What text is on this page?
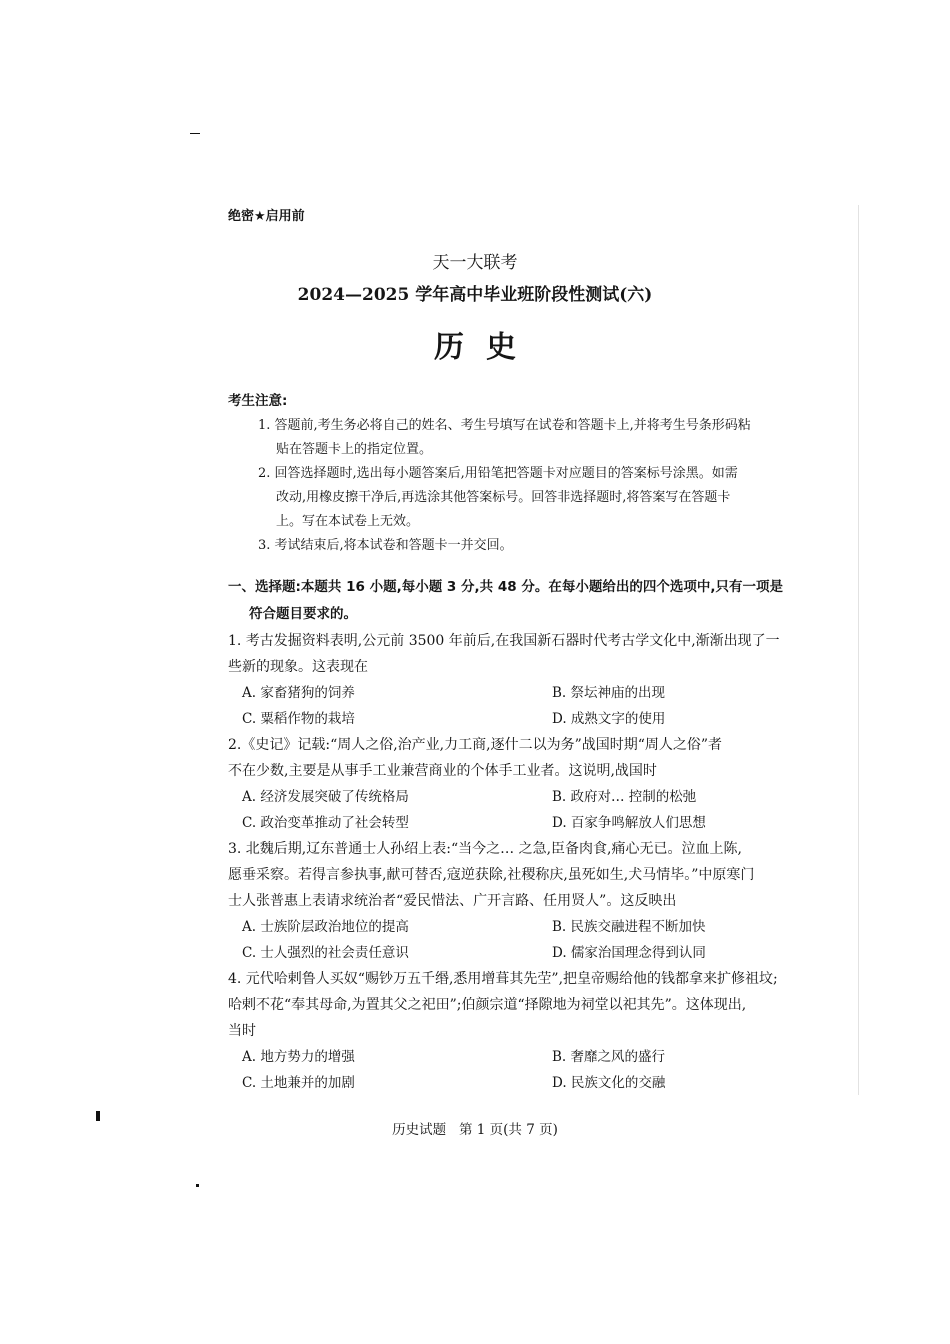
绝密★启用前
天一大联考
2024—2025 学年高中毕业班阶段性测试(六)
历史
考生注意:
1. 答题前,考生务必将自己的姓名、考生号填写在试卷和答题卡上,并将考生号条形码粘
贴在答题卡上的指定位置。
2. 回答选择题时,选出每小题答案后,用铅笔把答题卡对应题目的答案标号涂黑。如需
改动,用橡皮擦干净后,再选涂其他答案标号。回答非选择题时,将答案写在答题卡
上。写在本试卷上无效。
3. 考试结束后,将本试卷和答题卡一并交回。
一、选择题:本题共 16 小题,每小题 3 分,共 48 分。在每小题给出的四个选项中,只有一项是
符合题目要求的。
1. 考古发掘资料表明,公元前 3500 年前后,在我国新石器时代考古学文化中,渐渐出现了一
些新的现象。这表现在
A. 家畜猪狗的饲养	B. 祭坛神庙的出现
C. 粟稻作物的栽培	D. 成熟文字的使用
2.《史记》记载:“周人之俗,治产业,力工商,逐什二以为务”战国时期“周人之俗”者
不在少数,主要是从事手工业兼营商业的个体手工业者。这说明,战国时
A. 经济发展突破了传统格局	B. 政府对… 控制的松弛
C. 政治变革推动了社会转型	D. 百家争鸣解放人们思想
3. 北魏后期,辽东普通士人孙绍上表:“当今之… 之急,臣备肉食,痛心无已。泣血上陈,
愿垂采察。若得言参执事,献可替否,寇逆获除,社稷称庆,虽死如生,犬马情毕。”中原寒门
士人张普惠上表请求统治者“爱民惜法、广开言路、任用贤人”。这反映出
A. 士族阶层政治地位的提高	B. 民族交融进程不断加快
C. 士人强烈的社会责任意识	D. 儒家治国理念得到认同
4. 元代哈剌鲁人买奴“赐钞万五千缗,悉用增葺其先茔”,把皇帝赐给他的钱都拿来扩修祖坟;
哈剌不花“奉其母命,为置其父之祀田”;伯颜宗道“择隙地为祠堂以祀其先”。这体现出,
当时
A. 地方势力的增强	B. 奢靡之风的盛行
C. 土地兼并的加剧	D. 民族文化的交融
历史试题   第 1 页(共 7 页)
